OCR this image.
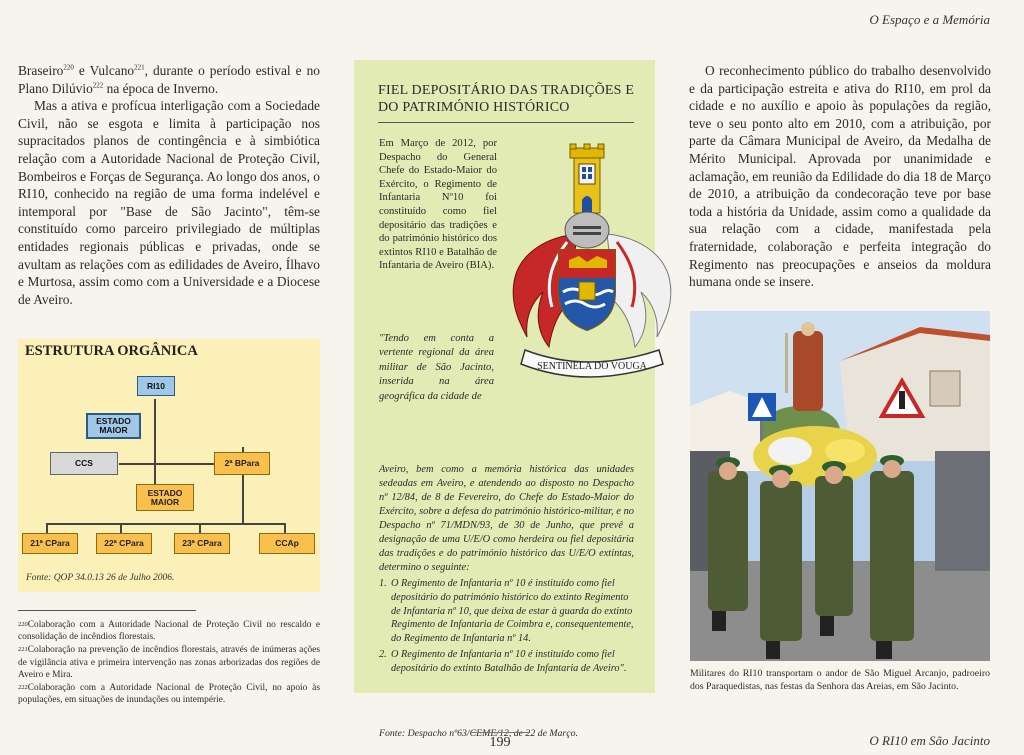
O Espaço e a Memória

Braseiro$^{220}$ e Vulcano$^{221}$, durante o período estival e no Plano Dilúvio$^{222}$ na época de Inverno.

Mas a ativa e profícua interligação com a Sociedade Civil, não se esgota e limita à participação nos supracitados planos de contingência e à simbiótica relação com a Autoridade Nacional de Proteção Civil, Bombeiros e Forças de Segurança. Ao longo dos anos, o RI10, conhecido na região de uma forma indelével e intemporal por "Base de São Jacinto", têm-se constituído como parceiro privilegiado de múltiplas entidades regionais públicas e privadas, onde se avultam as relações com as edilidades de Aveiro, Ílhavo e Murtosa, assim como com a Universidade e a Diocese de Aveiro.

ESTRUTURA ORGÂNICA
RI10
ESTADO MAIOR
CCS	2ª BPara
ESTADO MAIOR
21ª CPara	22ª CPara	23ª CPara	CCAp
Fonte: QOP 34.0.13 26 de Julho 2006.

$^{220}$Colaboração com a Autoridade Nacional de Proteção Civil no rescaldo e consolidação de incêndios florestais.

$^{221}$Colaboração na prevenção de incêndios florestais, através de inúmeras ações de vigilância ativa e primeira intervenção nas zonas arborizadas dos regiões de Aveiro e Mira.

$^{222}$Colaboração com a Autoridade Nacional de Proteção Civil, no apoio às populações, em situações de inundações ou intempérie.

FIEL DEPOSITÁRIO DAS TRADIÇÕES E DO PATRIMÓNIO HISTÓRICO

Em Março de 2012, por Despacho do General Chefe do Estado-Maior do Exército, o Regimento de Infantaria Nº10 foi constituído como fiel depositário das tradições e do património histórico dos extintos RI10 e Batalhão de Infantaria de Aveiro (BIA).

"Tendo em conta a vertente regional da área militar de São Jacinto, inserida na área geográfica da cidade de

Aveiro, bem como a memória histórica das unidades sedeadas em Aveiro, e atendendo ao disposto no Despacho nº 12/84, de 8 de Fevereiro, do Chefe do Estado-Maior do Exército, sobre a defesa do património histórico-militar, e no Despacho nº 71/MDN/93, de 30 de Junho, que prevê a designação de uma U/E/O como herdeira ou fiel depositária das tradições e do património histórico das U/E/O extintas, determino o seguinte:

1. O Regimento de Infantaria nº 10 é instituído como fiel depositário do património histórico do extinto Regimento de Infantaria nº 10, que deixa de estar à guarda do extinto Regimento de Infantaria de Coimbra e, consequentemente, do Regimento de Infantaria nº 14.
2. O Regimento de Infantaria nº 10 é instituído como fiel depositário do extinto Batalhão de Infantaria de Aveiro".
Fonte: Despacho nº63/CEME/12, de 22 de Março.
SENTINELA DO VOUGA

O reconhecimento público do trabalho desenvolvido e da participação estreita e ativa do RI10, em prol da cidade e no auxílio e apoio às populações da região, teve o seu ponto alto em 2010, com a atribuição, por parte da Câmara Municipal de Aveiro, da Medalha de Mérito Municipal. Aprovada por unanimidade e aclamação, em reunião da Edilidade do dia 18 de Março de 2010, a atribuição da condecoração teve por base toda a história da Unidade, assim como a qualidade da sua relação com a cidade, manifestada pela fraternidade, colaboração e perfeita integração do Regimento nas preocupações e anseios da moldura humana onde se insere.

Militares do RI10 transportam o andor de São Miguel Arcanjo, padroeiro dos Paraquedistas, nas festas da Senhora das Areias, em São Jacinto.

199	O RI10 em São Jacinto
